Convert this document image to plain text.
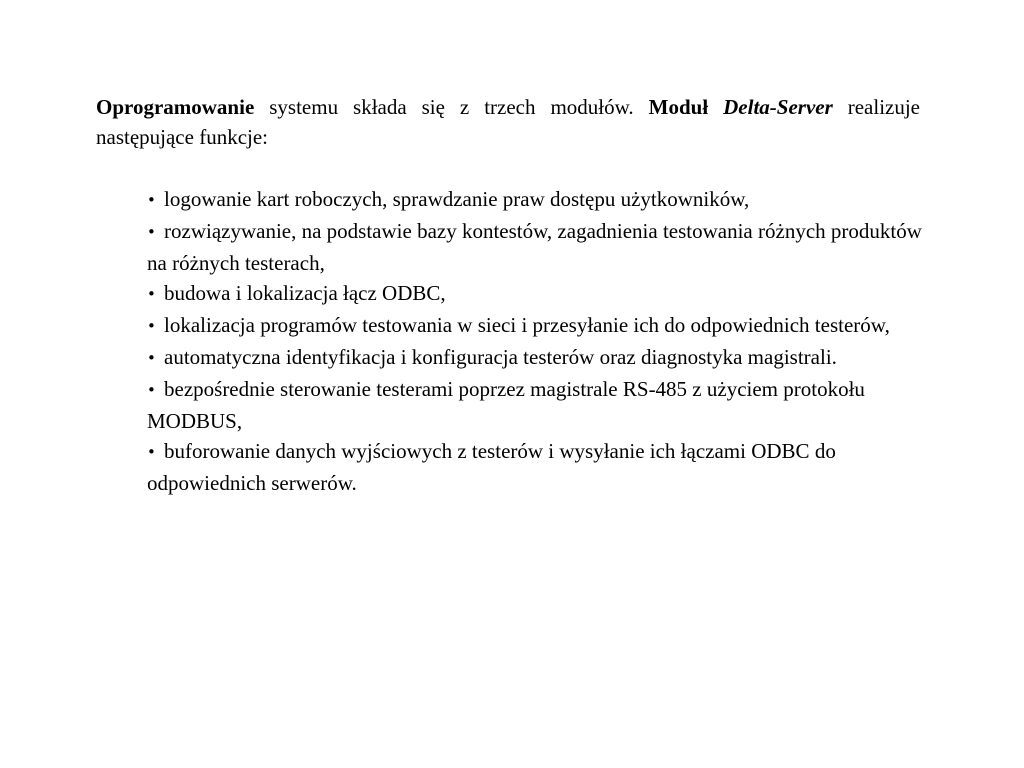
Oprogramowanie systemu składa się z trzech modułów. Moduł Delta-Server realizuje następujące funkcje:

• logowanie kart roboczych, sprawdzanie praw dostępu użytkowników,
• rozwiązywanie, na podstawie bazy kontestów, zagadnienia testowania różnych produktów na różnych testerach,
• budowa i lokalizacja łącz ODBC,
• lokalizacja programów testowania w sieci i przesyłanie ich do odpowiednich testerów,
• automatyczna identyfikacja i konfiguracja testerów oraz diagnostyka magistrali.
• bezpośrednie sterowanie testerami poprzez magistrale RS-485 z użyciem protokołu MODBUS,
• buforowanie danych wyjściowych z testerów i wysyłanie ich łączami ODBC do odpowiednich serwerów.
